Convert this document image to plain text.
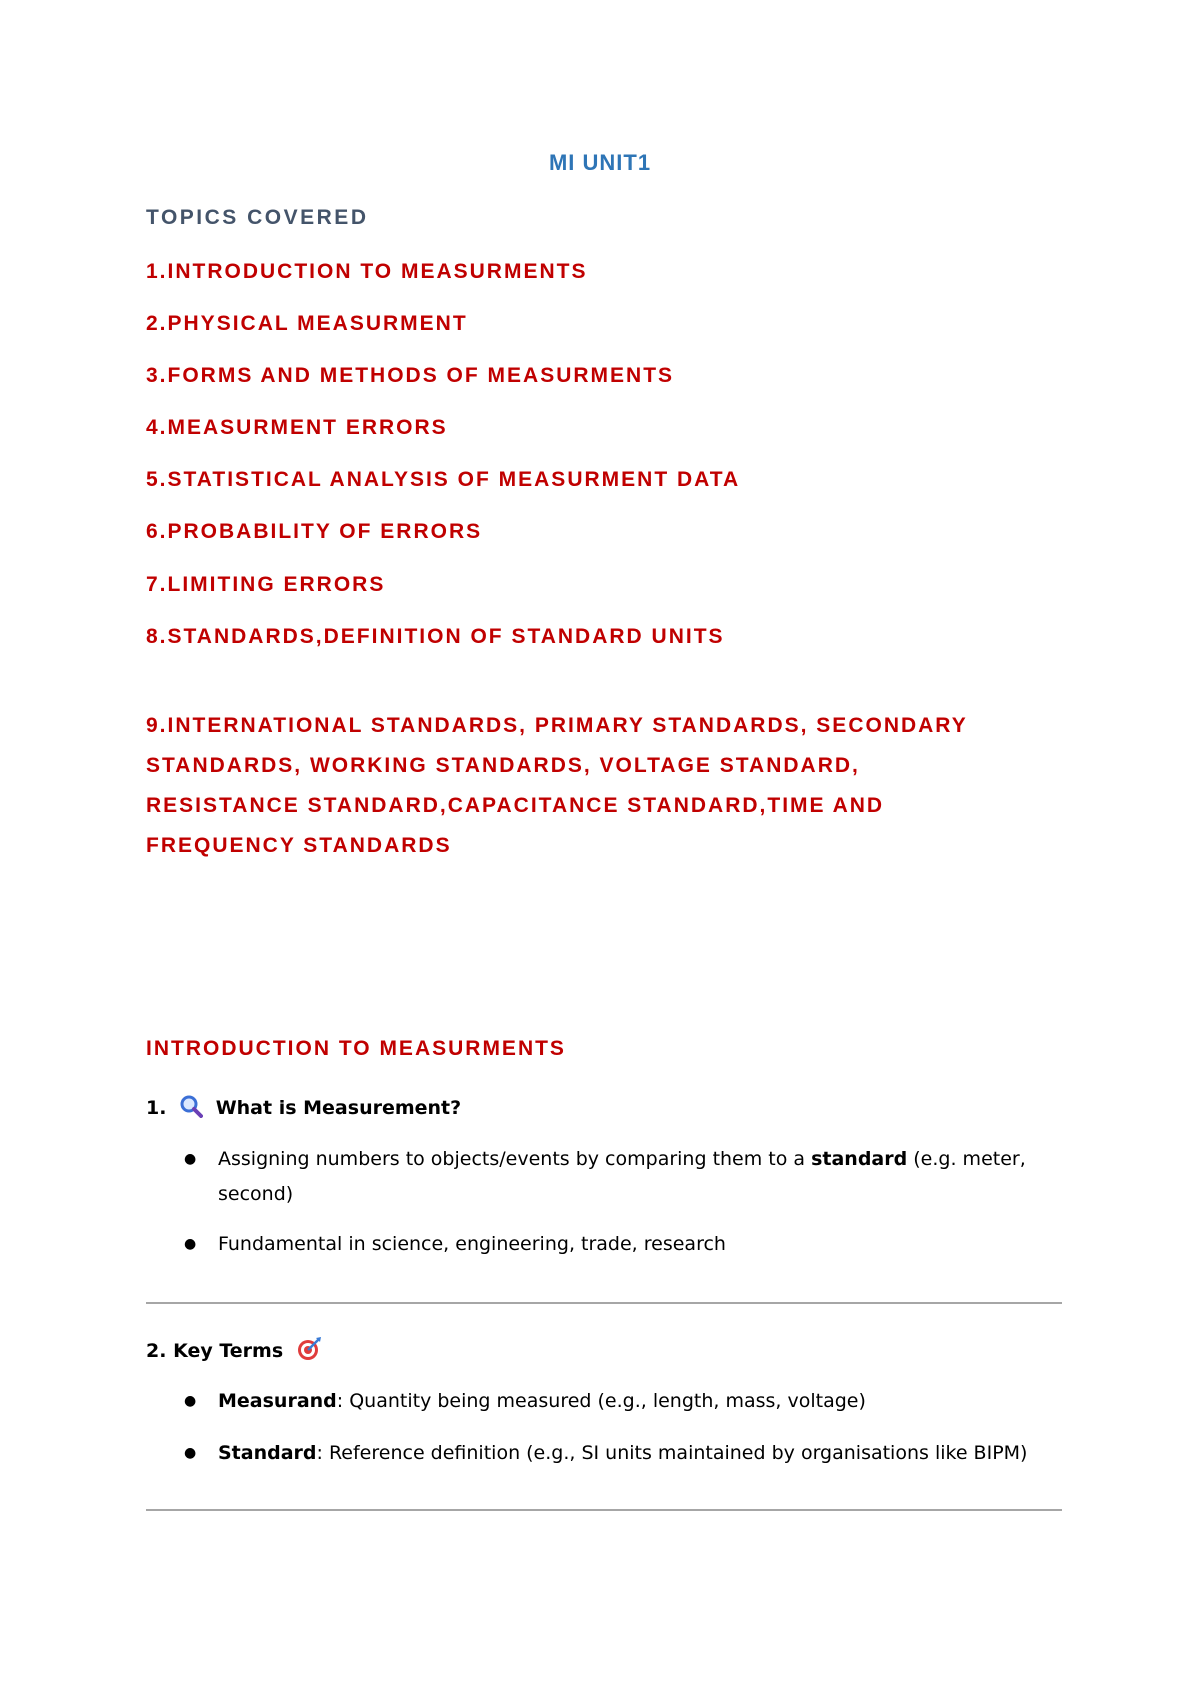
MI UNIT1
TOPICS COVERED
1.INTRODUCTION TO MEASURMENTS
2.PHYSICAL MEASURMENT
3.FORMS AND METHODS OF MEASURMENTS
4.MEASURMENT ERRORS
5.STATISTICAL ANALYSIS OF MEASURMENT DATA
6.PROBABILITY OF ERRORS
7.LIMITING ERRORS
8.STANDARDS,DEFINITION OF STANDARD UNITS
9.INTERNATIONAL STANDARDS, PRIMARY STANDARDS, SECONDARY STANDARDS, WORKING STANDARDS, VOLTAGE STANDARD, RESISTANCE STANDARD,CAPACITANCE STANDARD,TIME AND FREQUENCY STANDARDS
INTRODUCTION TO MEASURMENTS
1.	What is Measurement?
● Assigning numbers to objects/events by comparing them to a standard (e.g. meter, second)
● Fundamental in science, engineering, trade, research
2. Key Terms
● Measurand: Quantity being measured (e.g., length, mass, voltage)
● Standard: Reference definition (e.g., SI units maintained by organisations like BIPM)
